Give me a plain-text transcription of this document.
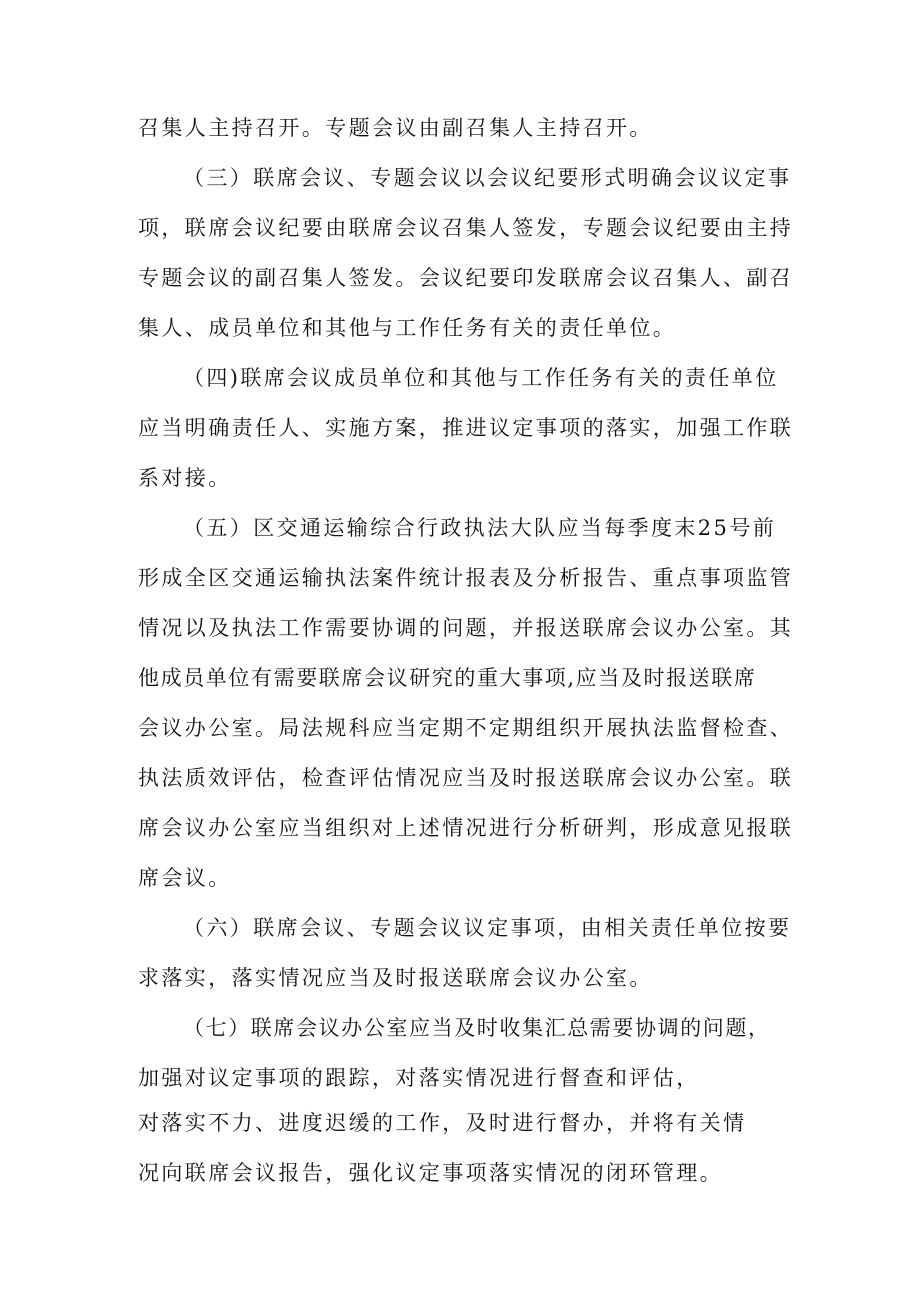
召集人主持召开。专题会议由副召集人主持召开。
（三）联席会议、专题会议以会议纪要形式明确会议议定事
项，联席会议纪要由联席会议召集人签发，专题会议纪要由主持
专题会议的副召集人签发。会议纪要印发联席会议召集人、副召
集人、成员单位和其他与工作任务有关的责任单位。
（四)联席会议成员单位和其他与工作任务有关的责任单位
应当明确责任人、实施方案，推进议定事项的落实，加强工作联
系对接。
（五）区交通运输综合行政执法大队应当每季度末25号前
形成全区交通运输执法案件统计报表及分析报告、重点事项监管
情况以及执法工作需要协调的问题，并报送联席会议办公室。其
他成员单位有需要联席会议研究的重大事项,应当及时报送联席
会议办公室。局法规科应当定期不定期组织开展执法监督检查、
执法质效评估，检查评估情况应当及时报送联席会议办公室。联
席会议办公室应当组织对上述情况进行分析研判，形成意见报联
席会议。
（六）联席会议、专题会议议定事项，由相关责任单位按要
求落实，落实情况应当及时报送联席会议办公室。
（七）联席会议办公室应当及时收集汇总需要协调的问题，
加强对议定事项的跟踪，对落实情况进行督查和评估，
对落实不力、进度迟缓的工作，及时进行督办，并将有关情
况向联席会议报告，强化议定事项落实情况的闭环管理。
